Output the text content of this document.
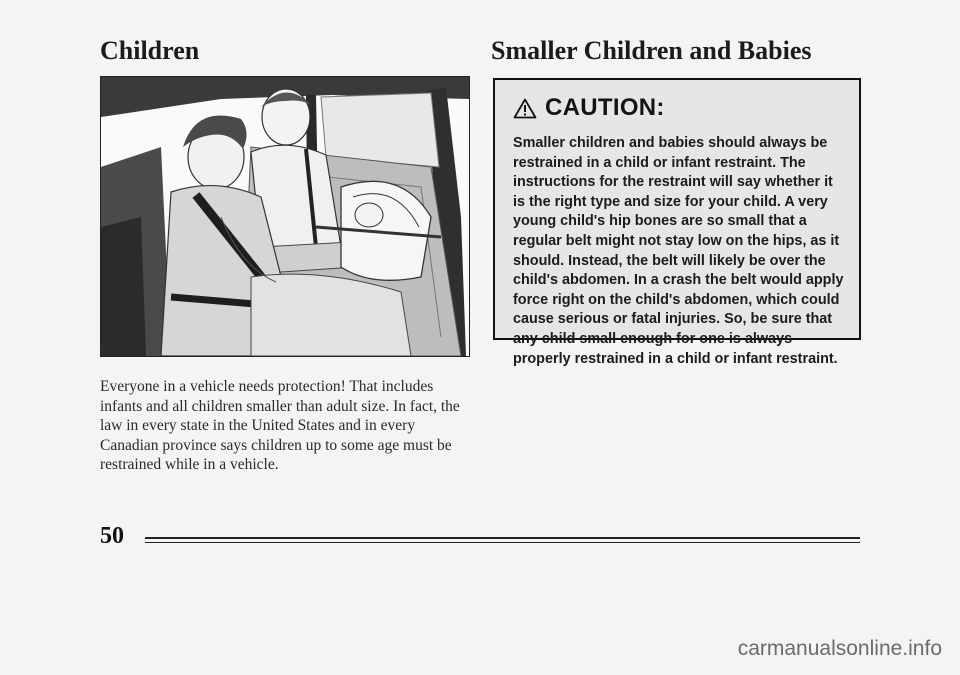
Children	Smaller Children and Babies
n.

Everyone in a vehicle needs protection! That includes infants and all children smaller than adult size. In fact, the law in every state in the United States and in every Canadian province says children up to some age must be restrained while in a vehicle.

CAUTION:

Smaller children and babies should always be restrained in a child or infant restraint. The instructions for the restraint will say whether it is the right type and size for your child. A very young child's hip bones are so small that a regular belt might not stay low on the hips, as it should. Instead, the belt will likely be over the child's abdomen. In a crash the belt would apply force right on the child's abdomen, which could cause serious or fatal injuries. So, be sure that any child small enough for one is always properly restrained in a child or infant restraint.

50
carmanualsonline.info
